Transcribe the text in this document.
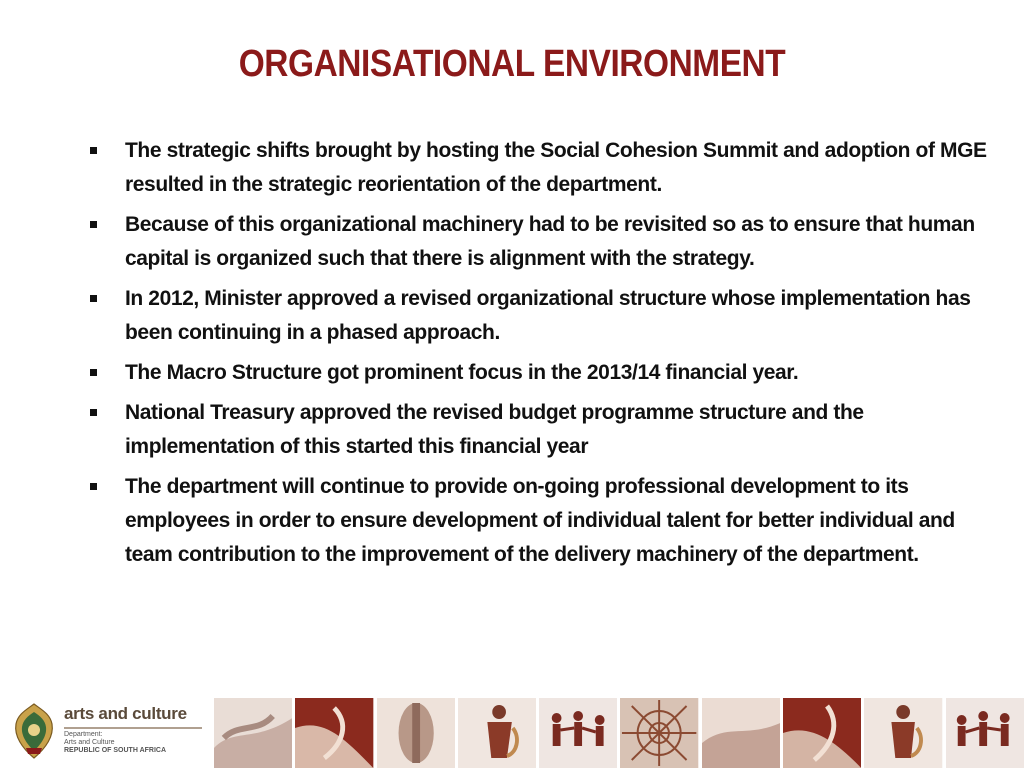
ORGANISATIONAL ENVIRONMENT
The strategic shifts brought by hosting the Social Cohesion Summit and adoption of MGE resulted in the strategic reorientation of the department.
Because of this organizational machinery had to be revisited so as to ensure that human capital is organized such that there is alignment with the strategy.
In 2012, Minister approved a revised organizational structure whose implementation has been continuing in a phased approach.
The Macro Structure got prominent focus in the 2013/14 financial year.
National Treasury approved the revised budget programme structure and the implementation of this started this financial year
The department will continue to provide on-going professional development to its employees in order to ensure development of individual talent for better individual and team contribution to the improvement of the delivery machinery of the department.
arts and culture
Department:
Arts and Culture
REPUBLIC OF SOUTH AFRICA
